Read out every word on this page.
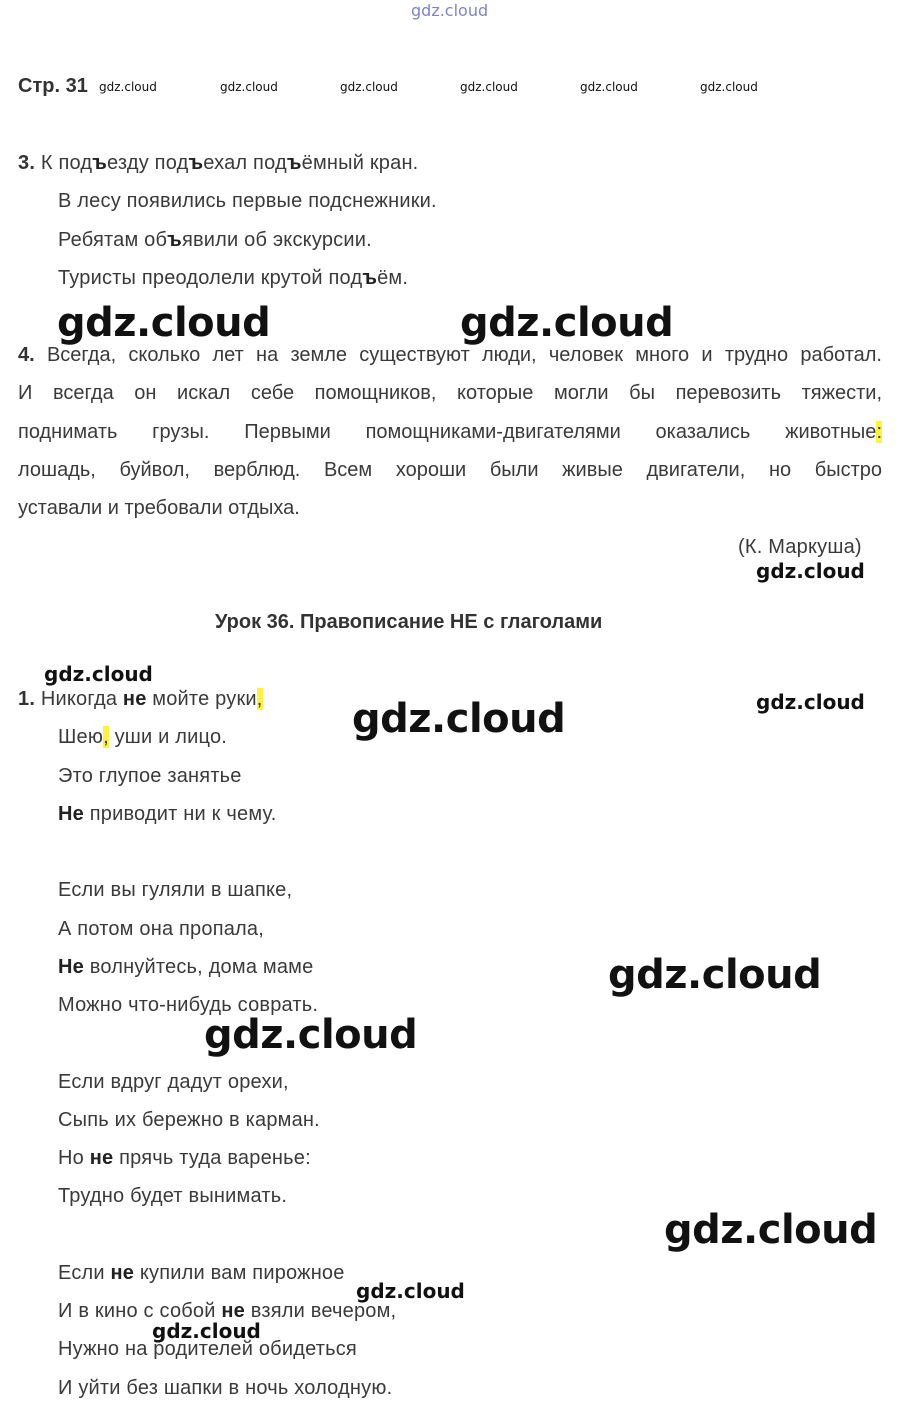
gdz.cloud
Стр. 31 gdz.cloud	gdz.cloud	gdz.cloud	gdz.cloud	gdz.cloud	gdz.cloud
3. К подъезду подъехал подъёмный кран.
В лесу появились первые подснежники.
Ребятам объявили об экскурсии.
Туристы преодолели крутой подъём.
gdz.cloud	gdz.cloud
4. Всегда, сколько лет на земле существуют люди, человек много и трудно работал.
И всегда он искал себе помощников, которые могли бы перевозить тяжести,
поднимать грузы. Первыми помощниками-двигателями оказались животные:
лошадь, буйвол, верблюд. Всем хороши были живые двигатели, но быстро
уставали и требовали отдыха.
(К. Маркуша)
gdz.cloud
Урок 36. Правописание НЕ с глаголами
gdz.cloud
gdz.cloud
gdz.cloud
1. Никогда не мойте руки,
Шею, уши и лицо.
Это глупое занятье
Не приводит ни к чему.
Если вы гуляли в шапке,
А потом она пропала,
Не волнуйтесь, дома маме
Можно что-нибудь соврать.
gdz.cloud
gdz.cloud
Если вдруг дадут орехи,
Сыпь их бережно в карман.
Но не прячь туда варенье:
Трудно будет вынимать.
gdz.cloud
Если не купили вам пирожное
И в кино с собой не взяли вечером,
Нужно на родителей обидеться
И уйти без шапки в ночь холодную.
gdz.cloud
gdz.cloud
